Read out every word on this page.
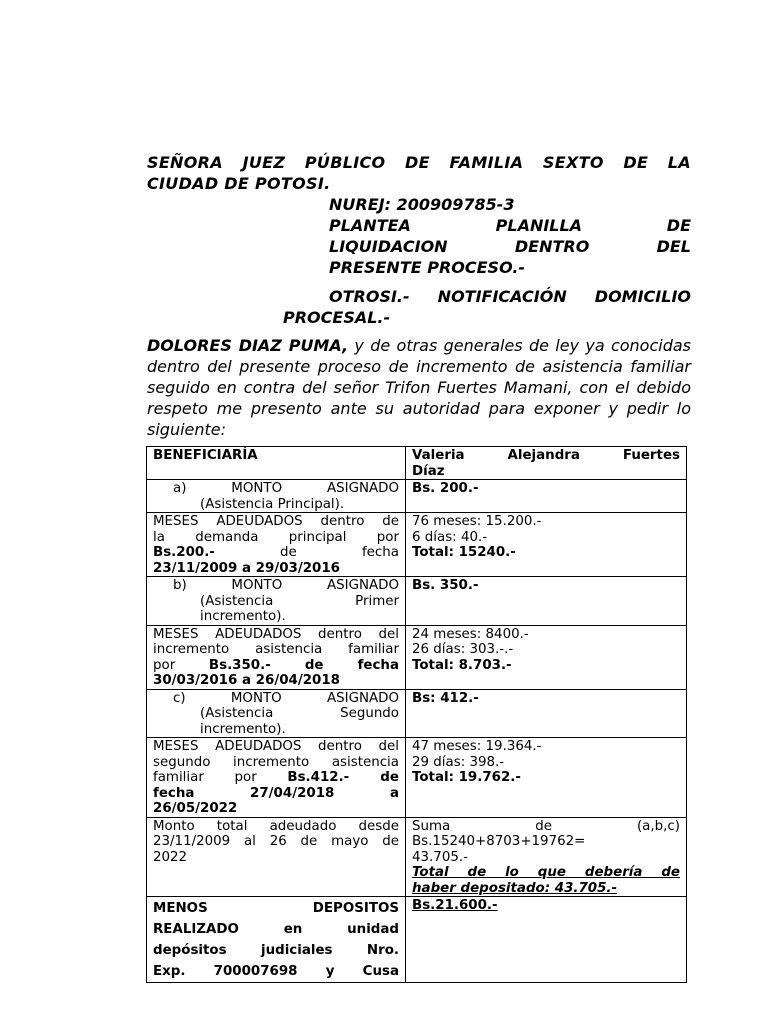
SEÑORA JUEZ PÚBLICO DE FAMILIA SEXTO DE LA
CIUDAD DE POTOSI.
NUREJ: 200909785-3
PLANTEA PLANILLA DE
LIQUIDACION DENTRO DEL
PRESENTE PROCESO.-
OTROSI.- NOTIFICACIÓN DOMICILIO
PROCESAL.-
DOLORES DIAZ PUMA, y de otras generales de ley ya conocidas dentro del presente proceso de incremento de asistencia familiar seguido en contra del señor Trifon Fuertes Mamani, con el debido respeto me presento ante su autoridad para exponer y pedir lo siguiente:
BENEFICIARÍA	Valeria Alejandra Fuertes
Díaz

a) MONTO ASIGNADO
(Asistencia Principal).	Bs. 200.-

MESES ADEUDADOS dentro de
la demanda principal por
Bs.200.- de fecha
23/11/2009 a 29/03/2016	76 meses: 15.200.-
6 días: 40.-
Total: 15240.-

b) MONTO ASIGNADO
(Asistencia Primer
incremento).	Bs. 350.-

MESES ADEUDADOS dentro del
incremento asistencia familiar
por Bs.350.- de fecha
30/03/2016 a 26/04/2018	24 meses: 8400.-
26 días: 303.-.-
Total: 8.703.-

c) MONTO ASIGNADO
(Asistencia Segundo
incremento).	Bs: 412.-

MESES ADEUDADOS dentro del
segundo incremento asistencia
familiar por Bs.412.- de
fecha 27/04/2018 a
26/05/2022	47 meses: 19.364.-
29 días: 398.-
Total: 19.762.-

Monto total adeudado desde
23/11/2009 al 26 de mayo de
2022	Suma de (a,b,c)
Bs.15240+8703+19762=
43.705.-
Total de lo que debería de
haber depositado: 43.705.-

MENOS DEPOSITOS
REALIZADO en unidad
depósitos judiciales Nro.
Exp. 700007698 y Cusa	Bs.21.600.-
